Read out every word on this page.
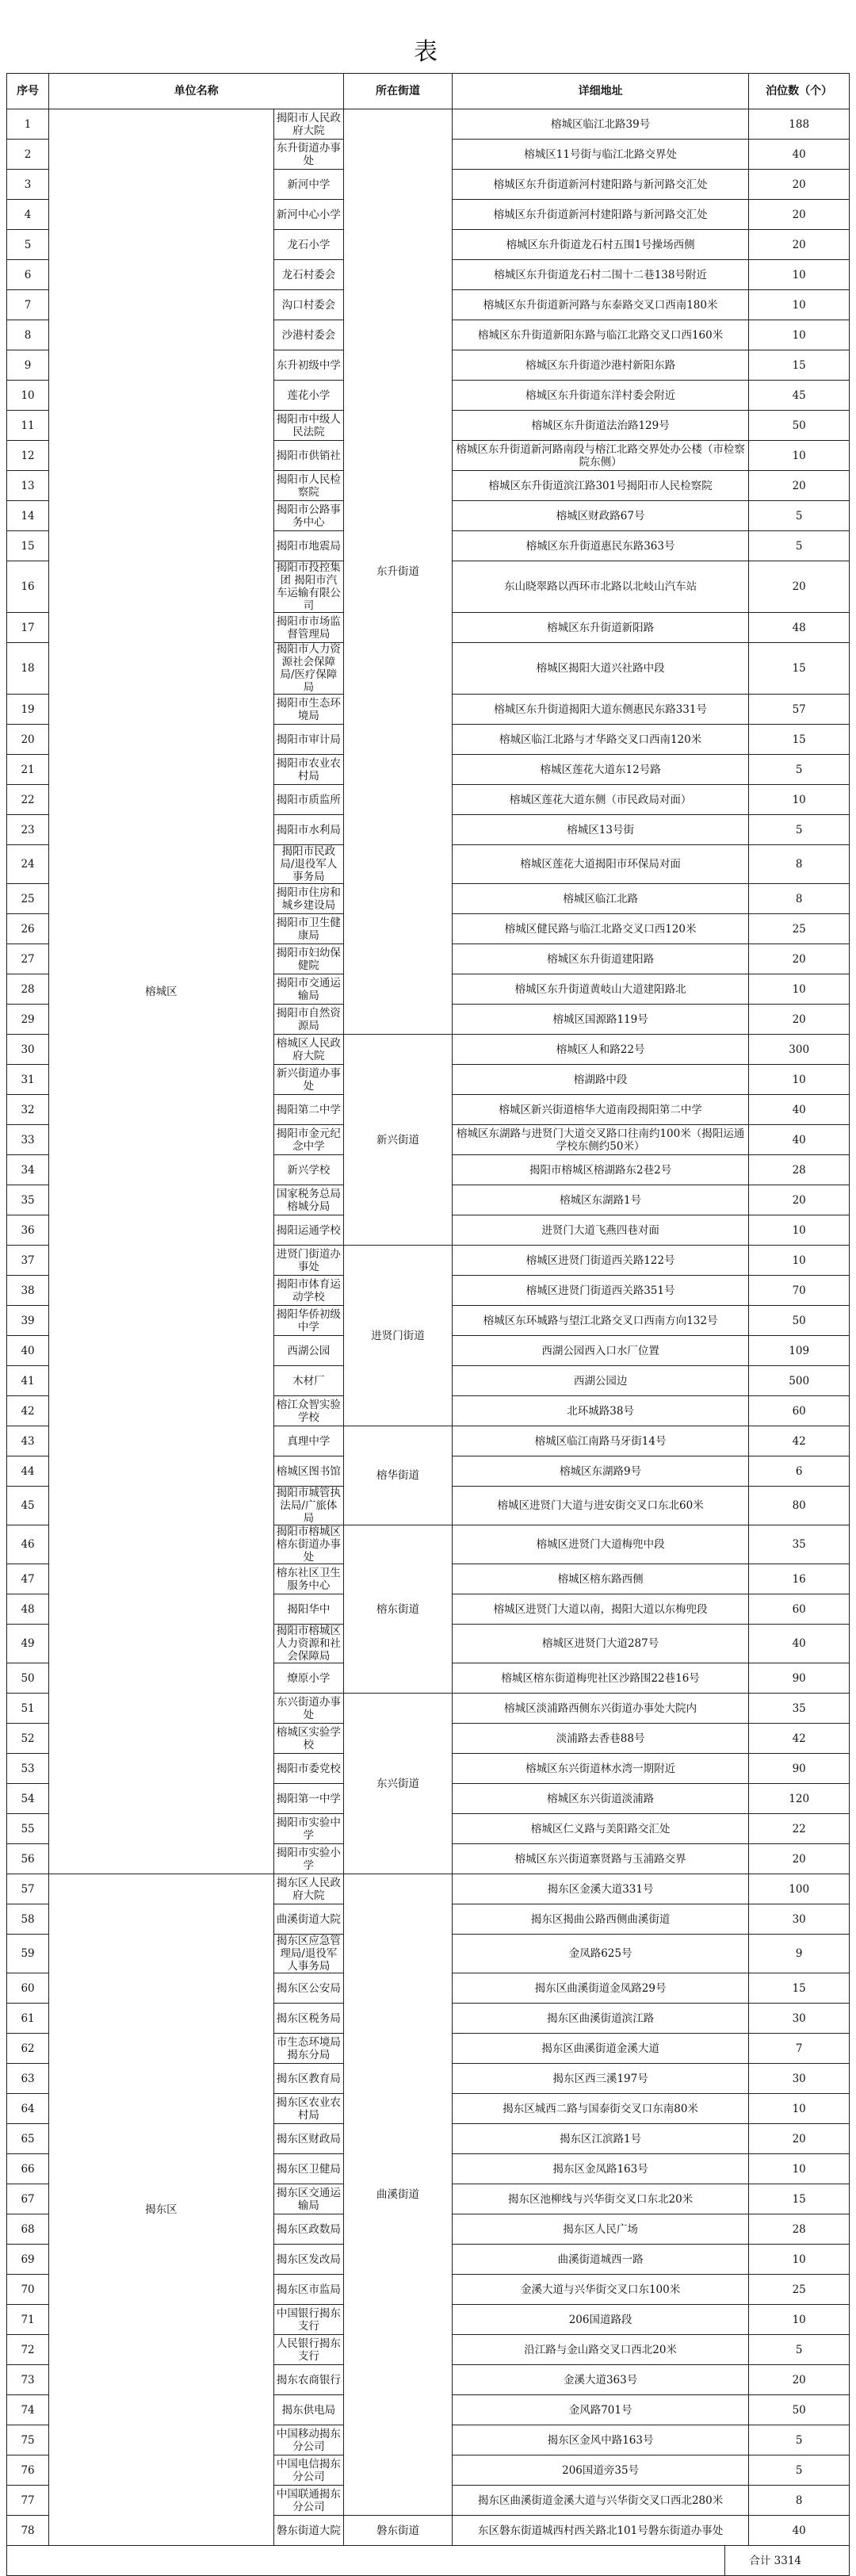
表
序号	单位名称		所在街道	详细地址		泊位数（个）
1	榕城区	揭阳市人民政府大院	东升街道	榕城区临江北路39号		188
2		东升街道办事处		榕城区11号街与临江北路交界处		40
3		新河中学		榕城区东升街道新河村建阳路与新河路交汇处		20
4		新河中心小学		榕城区东升街道新河村建阳路与新河路交汇处		20
5		龙石小学		榕城区东升街道龙石村五围1号操场西侧		20
6		龙石村委会		榕城区东升街道龙石村二围十二巷138号附近		10
7		沟口村委会		榕城区东升街道新河路与东泰路交叉口西南180米		10
8		沙港村委会		榕城区东升街道新阳东路与临江北路交叉口西160米		10
9		东升初级中学		榕城区东升街道沙港村新阳东路		15
10		莲花小学		榕城区东升街道东洋村委会附近		45
11		揭阳市中级人民法院		榕城区东升街道法治路129号		50
12		揭阳市供销社		榕城区东升街道新河路南段与榕江北路交界处办公楼（市检察院东侧）		10
13		揭阳市人民检察院		榕城区东升街道滨江路301号揭阳市人民检察院		20
14		揭阳市公路事务中心		榕城区财政路67号		5
15		揭阳市地震局		榕城区东升街道惠民东路363号		5
16		揭阳市投控集团 揭阳市汽车运输有限公司		东山晓翠路以西环市北路以北岐山汽车站		20
17		揭阳市市场监督管理局		榕城区东升街道新阳路		48
18		揭阳市人力资源社会保障局/医疗保障局		榕城区揭阳大道兴社路中段		15
19		揭阳市生态环境局		榕城区东升街道揭阳大道东侧惠民东路331号		57
20		揭阳市审计局		榕城区临江北路与才华路交叉口西南120米		15
21		揭阳市农业农村局		榕城区莲花大道东12号路		5
22		揭阳市质监所		榕城区莲花大道东侧（市民政局对面）		10
23		揭阳市水利局		榕城区13号街		5
24		揭阳市民政局/退役军人事务局		榕城区莲花大道揭阳市环保局对面		8
25		揭阳市住房和城乡建设局		榕城区临江北路		8
26		揭阳市卫生健康局		榕城区健民路与临江北路交叉口西120米		25
27		揭阳市妇幼保健院		榕城区东升街道建阳路		20
28		揭阳市交通运输局		榕城区东升街道黄岐山大道建阳路北		10
29		揭阳市自然资源局		榕城区国源路119号		20
30		榕城区人民政府大院	新兴街道	榕城区人和路22号		300
31		新兴街道办事处		榕湖路中段		10
32		揭阳第二中学		榕城区新兴街道榕华大道南段揭阳第二中学		40
33		揭阳市金元纪念中学		榕城区东湖路与进贤门大道交叉路口往南约100米（揭阳运通学校东侧约50米）		40
34		新兴学校		揭阳市榕城区榕湖路东2巷2号		28
35		国家税务总局榕城分局		榕城区东湖路1号		20
36		揭阳运通学校		进贤门大道飞燕四巷对面		10
37		进贤门街道办事处	进贤门街道	榕城区进贤门街道西关路122号		10
38		揭阳市体育运动学校		榕城区进贤门街道西关路351号		70
39		揭阳华侨初级中学		榕城区东环城路与望江北路交叉口西南方向132号		50
40		西湖公园		西湖公园西入口水厂位置		109
41		木材厂		西湖公园边		500
42		榕江众智实验学校		北环城路38号		60
43		真理中学	榕华街道	榕城区临江南路马牙街14号		42
44		榕城区图书馆		榕城区东湖路9号		6
45		揭阳市城管执法局/广旅体局		榕城区进贤门大道与进安街交叉口东北60米		80
46		揭阳市榕城区榕东街道办事处	榕东街道	榕城区进贤门大道梅兜中段		35
47		榕东社区卫生服务中心		榕城区榕东路西侧		16
48		揭阳华中		榕城区进贤门大道以南，揭阳大道以东梅兜段		60
49		揭阳市榕城区人力资源和社会保障局		榕城区进贤门大道287号		40
50		燎原小学		榕城区榕东街道梅兜社区沙路围22巷16号		90
51		东兴街道办事处	东兴街道	榕城区淡浦路西侧东兴街道办事处大院内		35
52		榕城区实验学校		淡浦路去香巷88号		42
53		揭阳市委党校		榕城区东兴街道林水湾一期附近		90
54		揭阳第一中学		榕城区东兴街道淡浦路		120
55		揭阳市实验中学		榕城区仁义路与美阳路交汇处		22
56		揭阳市实验小学		榕城区东兴街道寨贤路与玉浦路交界		20
57	揭东区	揭东区人民政府大院	曲溪街道	揭东区金溪大道331号		100
58		曲溪街道大院		揭东区揭曲公路西侧曲溪街道		30
59		揭东区应急管理局/退役军人事务局		金凤路625号		9
60		揭东区公安局		揭东区曲溪街道金凤路29号		15
61		揭东区税务局		揭东区曲溪街道滨江路		30
62		市生态环境局揭东分局		揭东区曲溪街道金溪大道		7
63		揭东区教育局		揭东区西三溪197号		30
64		揭东区农业农村局		揭东区城西二路与国泰街交叉口东南80米		10
65		揭东区财政局		揭东区江滨路1号		20
66		揭东区卫健局		揭东区金凤路163号		10
67		揭东区交通运输局		揭东区池柳线与兴华街交叉口东北20米		15
68		揭东区政数局		揭东区人民广场		28
69		揭东区发改局		曲溪街道城西一路		10
70		揭东区市监局		金溪大道与兴华街交叉口东100米		25
71		中国银行揭东支行		206国道路段		10
72		人民银行揭东支行		沿江路与金山路交叉口西北20米		5
73		揭东农商银行		金溪大道363号		20
74		揭东供电局		金风路701号		50
75		中国移动揭东分公司		揭东区金风中路163号		5
76		中国电信揭东分公司		206国道旁35号		5
77		中国联通揭东分公司		揭东区曲溪街道金溪大道与兴华街交叉口西北280米		8
78		磐东街道大院	磐东街道	东区磐东街道城西村西关路北101号磐东街道办事处		40
					合计 3314	
